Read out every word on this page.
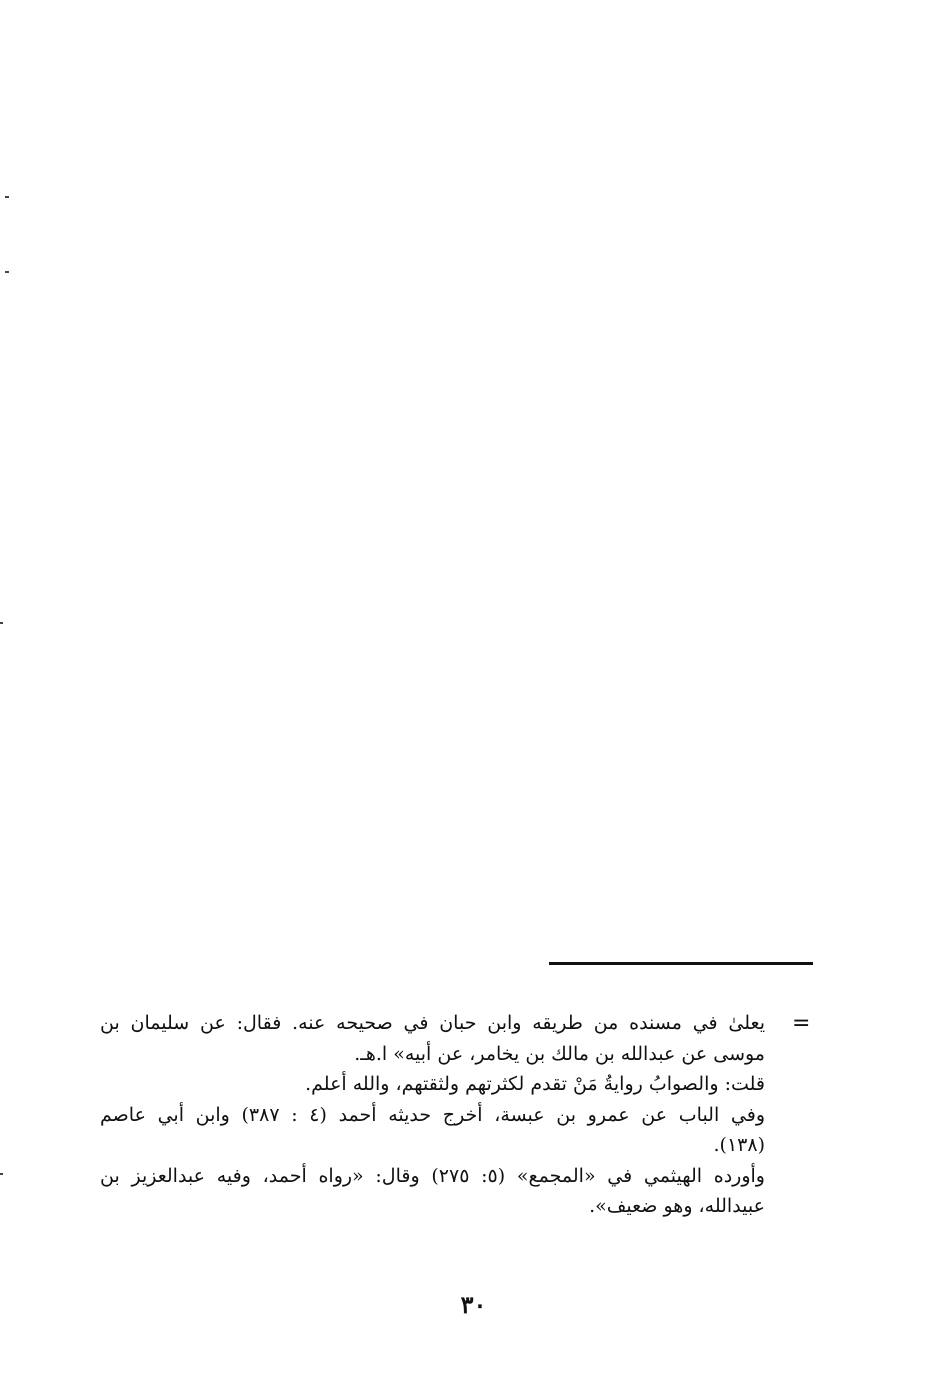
=
يعلىٰ في مسنده من طريقه وابن حبان في صحيحه عنه. فقال: عن سليمان بن
موسى عن عبدالله بن مالك بن يخامر، عن أبيه» ا.هـ.
قلت: والصوابُ روايةُ مَنْ تقدم لكثرتهم ولثقتهم، والله أعلم.
وفي الباب عن عمرو بن عبسة، أخرج حديثه أحمد (٤ : ٣٨٧) وابن أبي عاصم
(١٣٨).
وأورده الهيثمي في «المجمع» (٥: ٢٧٥) وقال: «رواه أحمد، وفيه عبدالعزيز بن
عبيدالله، وهو ضعيف».
٣٠
